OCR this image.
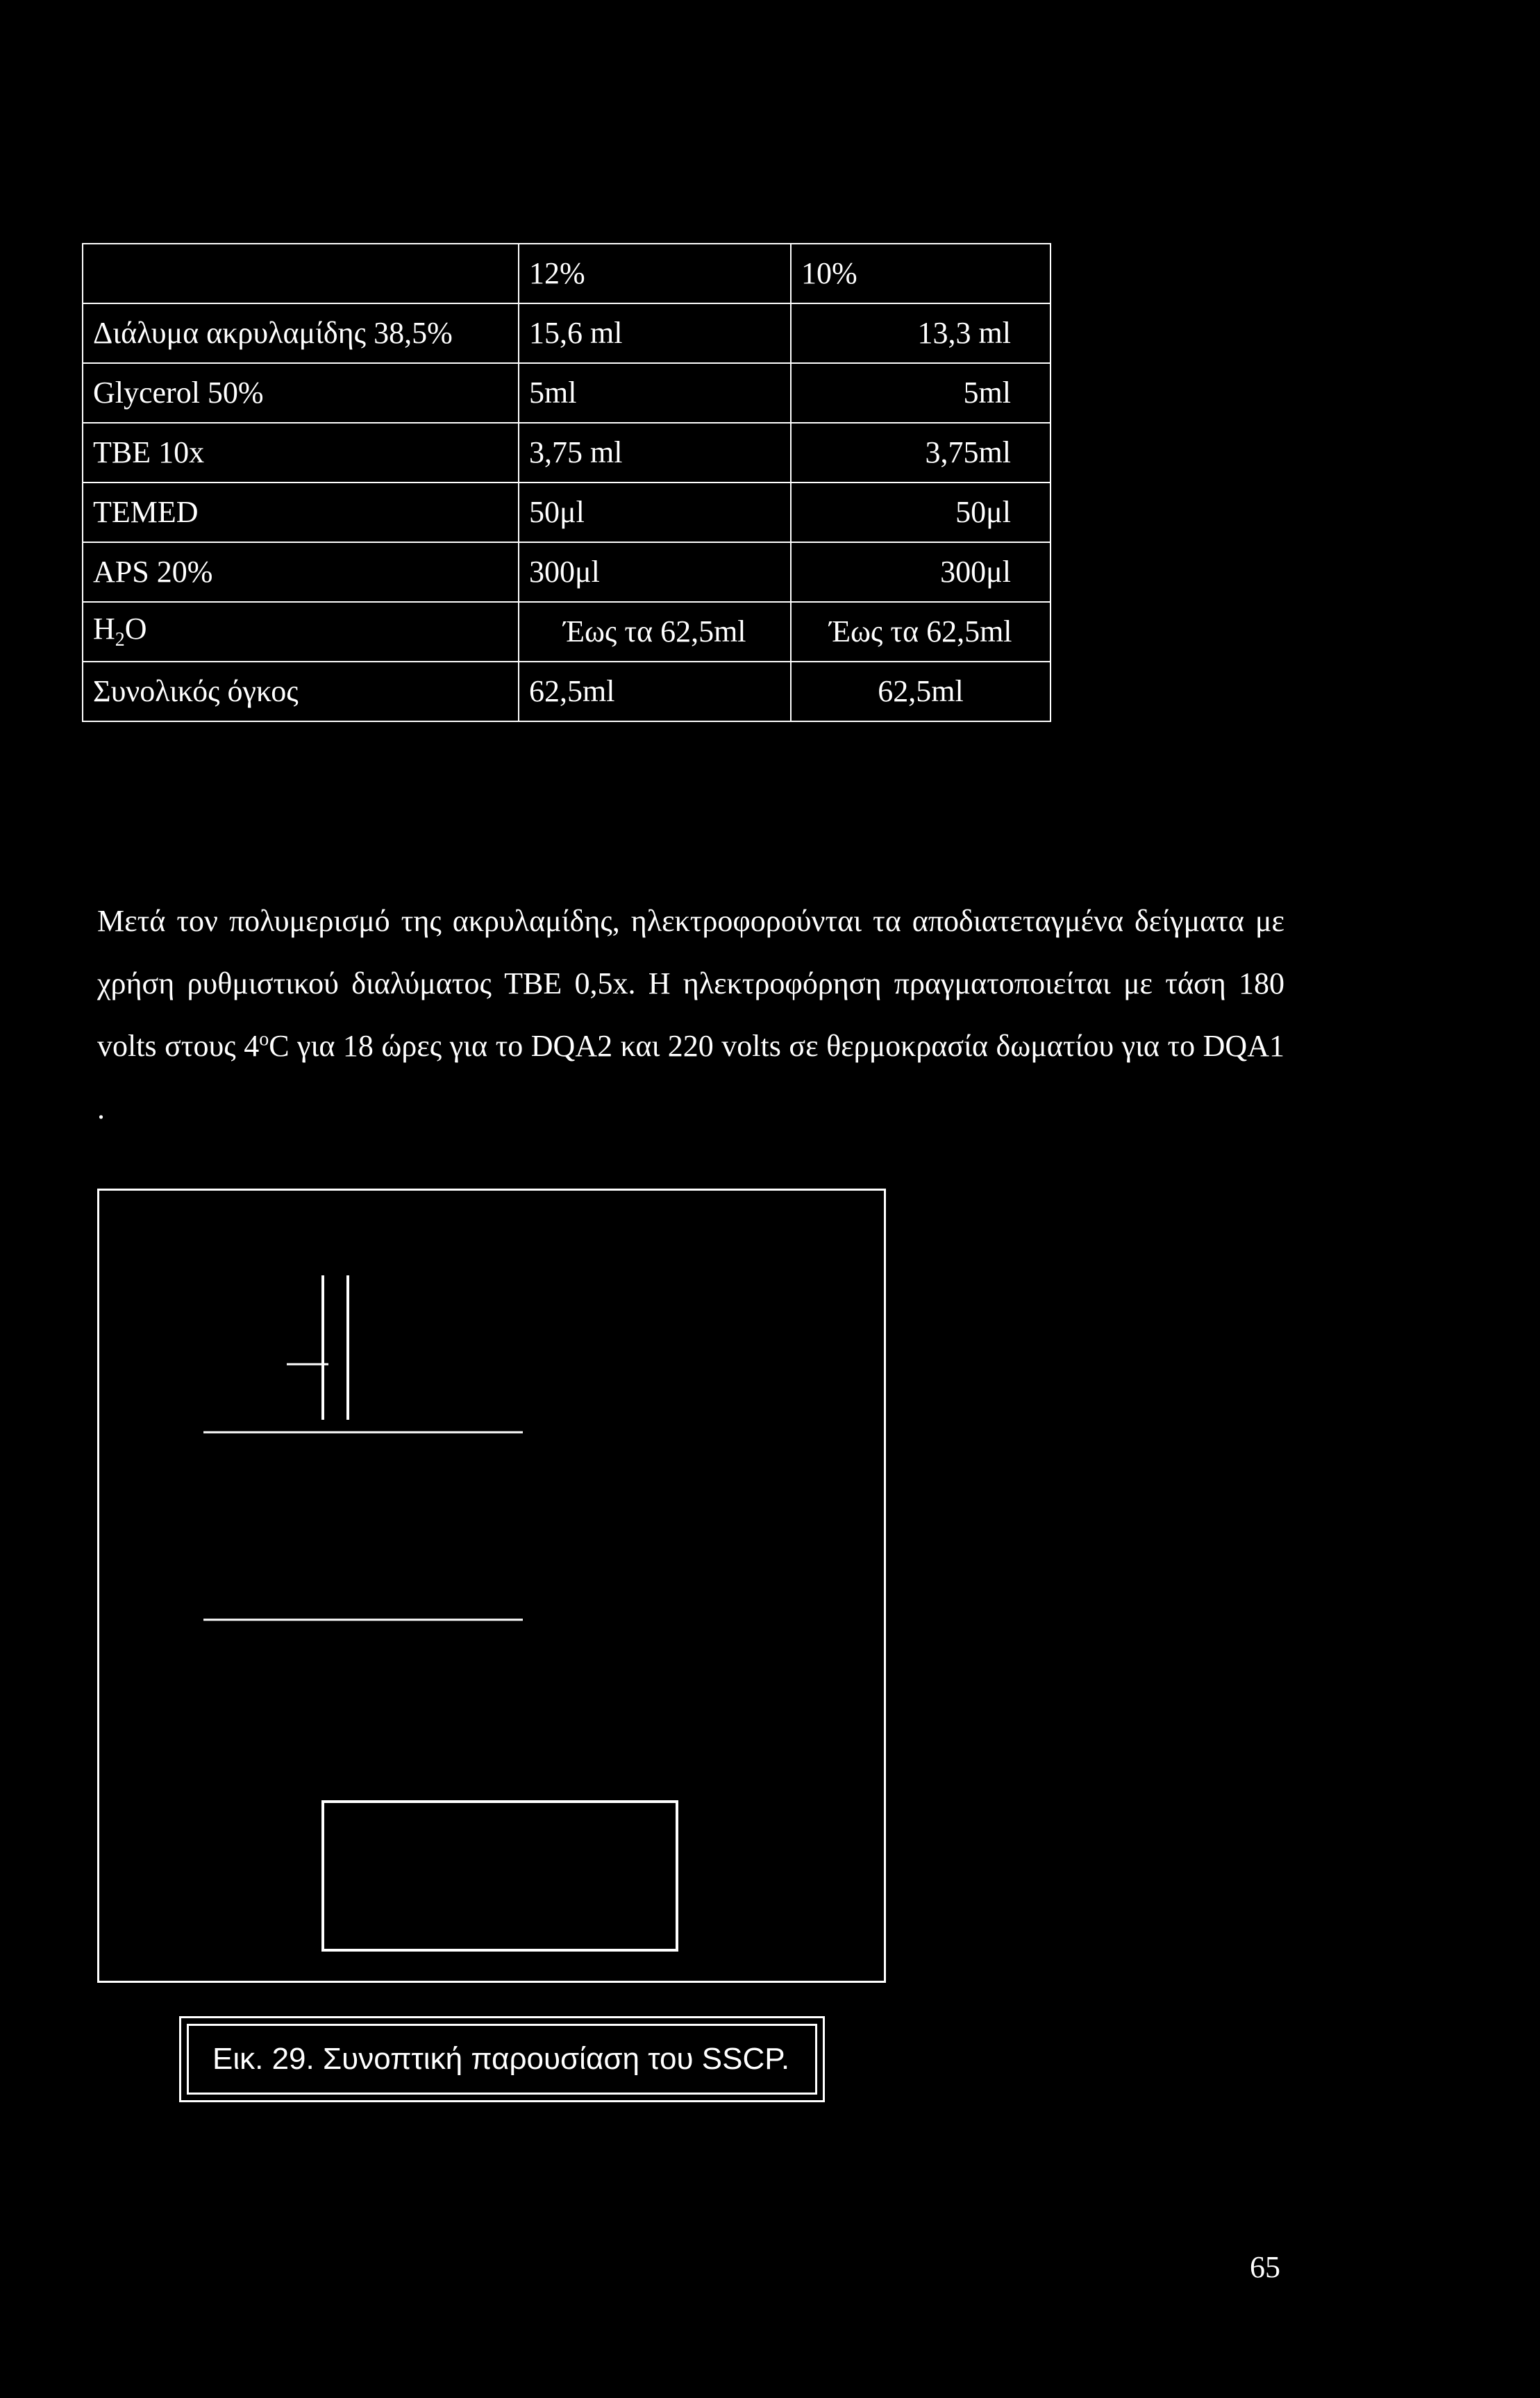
	12%	10%
Διάλυμα ακρυλαμίδης 38,5%	15,6 ml	13,3 ml
Glycerol 50%	5ml	5ml
TBE 10x	3,75 ml	3,75ml
TEMED	50μl	50μl
APS 20%	300μl	300μl
$H_2O$	Έως τα 62,5ml	Έως τα 62,5ml
Συνολικός όγκος	62,5ml	62,5ml

Μετά τον πολυμερισμό της ακρυλαμίδης, ηλεκτροφορούνται τα αποδιατεταγμένα δείγματα με χρήση ρυθμιστικού διαλύματος TBE 0,5x. Η ηλεκτροφόρηση πραγματοποιείται με τάση 180 volts στους 4$^o$C για 18 ώρες για το DQA2 και 220 volts σε θερμοκρασία δωματίου για το DQA1 .

Εικ. 29. Συνοπτική παρουσίαση του SSCP.
65
